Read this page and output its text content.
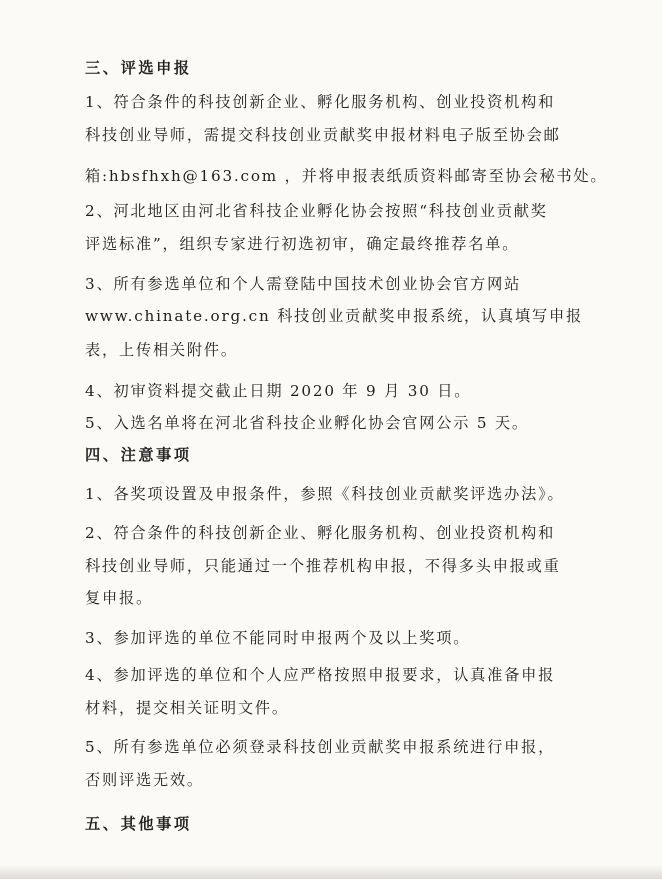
三、评选申报
1、符合条件的科技创新企业、孵化服务机构、创业投资机构和
科技创业导师，需提交科技创业贡献奖申报材料电子版至协会邮
箱:hbsfhxh@163.com ，并将申报表纸质资料邮寄至协会秘书处。
2、河北地区由河北省科技企业孵化协会按照“科技创业贡献奖
评选标准”，组织专家进行初选初审，确定最终推荐名单。
3、所有参选单位和个人需登陆中国技术创业协会官方网站
www.chinate.org.cn 科技创业贡献奖申报系统，认真填写申报
表，上传相关附件。
4、初审资料提交截止日期 2020 年 9 月 30 日。
5、入选名单将在河北省科技企业孵化协会官网公示 5 天。
四、注意事项
1、各奖项设置及申报条件，参照《科技创业贡献奖评选办法》。
2、符合条件的科技创新企业、孵化服务机构、创业投资机构和
科技创业导师，只能通过一个推荐机构申报，不得多头申报或重
复申报。
3、参加评选的单位不能同时申报两个及以上奖项。
4、参加评选的单位和个人应严格按照申报要求，认真准备申报
材料，提交相关证明文件。
5、所有参选单位必须登录科技创业贡献奖申报系统进行申报，
否则评选无效。
五、其他事项
